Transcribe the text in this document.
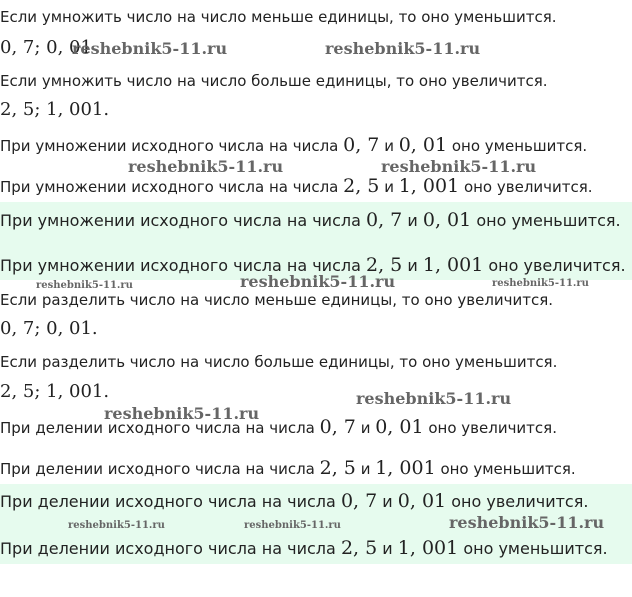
Если умножить число на число меньше единицы, то оно уменьшится.
0, 7; 0, 01
Если умножить число на число больше единицы, то оно увеличится.
2, 5; 1, 001.
При умножении исходного числа на числа 0, 7 и 0, 01 оно уменьшится.
При умножении исходного числа на числа 2, 5 и 1, 001 оно увеличится.
При умножении исходного числа на числа 0, 7 и 0, 01 оно уменьшится.
При умножении исходного числа на числа 2, 5 и 1, 001 оно увеличится.
Если разделить число на число меньше единицы, то оно увеличится.
0, 7; 0, 01.
Если разделить число на число больше единицы, то оно уменьшится.
2, 5; 1, 001.
При делении исходного числа на числа 0, 7 и 0, 01 оно увеличится.
При делении исходного числа на числа 2, 5 и 1, 001 оно уменьшится.
При делении исходного числа на числа 0, 7 и 0, 01 оно увеличится.
При делении исходного числа на числа 2, 5 и 1, 001 оно уменьшится.
reshebnik5-11.ru	reshebnik5-11.ru
reshebnik5-11.ru	reshebnik5-11.ru
reshebnik5-11.ru	reshebnik5-11.ru	reshebnik5-11.ru
reshebnik5-11.ru
reshebnik5-11.ru
reshebnik5-11.ru	reshebnik5-11.ru	reshebnik5-11.ru
